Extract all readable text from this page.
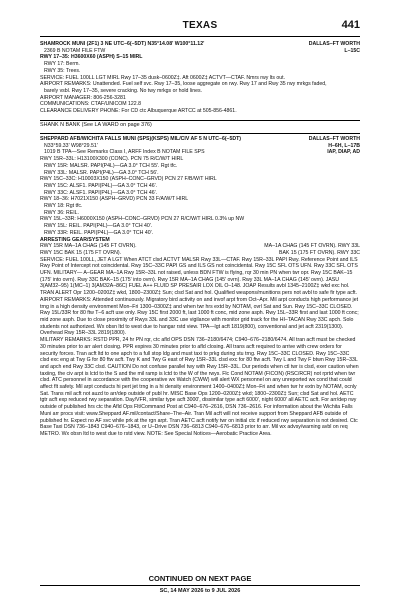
TEXAS	441
DALLAS–FT WORTH
L–15C

SHAMROCK MUNI (2F1) 3 NE UTC–6(–5DT) N35°14.08' W100°11.12'

2369 B NOTAM FILE FTW

RWY 17–35: H3600X60 (ASPH) S–15 MIRL

RWY 17: Berm.

RWY 35: Trees.

SERVICE: FUEL 100LL LGT MIRL Rwy 17–35 dusk–0600Z‡. Aft 0600Z‡ ACTVT—CTAF. Nmrs rwy lts out.

AIRPORT REMARKS: Unattended. Fuel self svc. Rwy 17–35, loose aggregate on rwy. Rwy 17 and Rwy 35 rwy mrkgs faded,

barely vsbl. Rwy 17–35, severe cracking. No twy mrkgs or hold lines.

AIRPORT MANAGER: 806-256-3281

COMMUNICATIONS: CTAF/UNICOM 122.8

CLEARANCE DELIVERY PHONE: For CD ctc Albuquerque ARTCC at 505-856-4861.

SHANK N BANK (See LA WARD on page 376)
DALLAS–FT WORTH
H–6H, L–17B
IAP, DIAP, AD

SHEPPARD AFB/WICHITA FALLS MUNI (SPS)(KSPS) MIL/CIV AF 5 N UTC–6(–5DT)

N33°59.33' W98°29.51'

1019 B TPA—See Remarks Class I, ARFF Index B NOTAM FILE SPS

RWY 15R–33L: H13100X300 (CONC). PCN 75 R/C/W/T HIRL

RWY 15R: MALSR. PAPI(P4L)—GA 3.0° TCH 55'. Rgt tfc.

RWY 33L: MALSR. PAPI(P4L)—GA 3.0° TCH 56'.

RWY 15C–33C: H10003X150 (ASPH–CONC–GRVD) PCN 27 F/B/W/T HIRL

RWY 15C: ALSF1. PAPI(P4L)—GA 3.0° TCH 46'.

RWY 33C: ALSF1. PAPI(P4L)—GA 3.0° TCH 46'.

RWY 18–36: H7021X150 (ASPH–GRVD) PCN 33 F/A/W/T HIRL

RWY 18: Rgt tfc.

RWY 36: REIL.

RWY 15L–33R: H6000X150 (ASPH–CONC–GRVD) PCN 27 R/C/W/T HIRL 0.3% up NW

RWY 15L: REIL. PAPI(P4L)—GA 3.0° TCH 40'.

RWY 33R: REIL. PAPI(P4L)—GA 3.0° TCH 40'.

ARRESTING GEAR/SYSTEM

RWY 15R MA–1A CHAG (145 FT OVRN).	MA–1A CHAG (145 FT OVRN). RWY 33L
RWY 15C BAK 15 (175 FT OVRN).	BAK 15 (175 FT OVRN). RWY 33C

SERVICE: FUEL 100LL, JET A LGT When ATCT clsd ACTVT MALSR Rwy 33L—CTAF. Rwy 15R–33L PAPI Rwy. Reference Point and ILS Rwy Point of Intercept not coincidental. Rwy 15C–33C PAPI GS and ILS GS not coincidental. Rwy 15C SFL OTS UFN. Rwy 33C SFL OTS UFN. MILITARY— A–GEAR MA–1A Rwy 15R–33L not raised, unless BDN FTW is flying, rqr 30 min PN when twr opr. Rwy 15C BAK–15 (175' into ovrn). Rwy 33C BAK–15 (175' into ovrn). Rwy 15R MA–1A CHAG (145' ovrn). Rwy 33L MA–1A CHAG (145' ovrn). JASU 3(AM32–95) 1(MC–1) 3(AM32A–86C) FUEL A++ FLUID SP PRESAIR LOX OIL O–148. JOAP Results avbl 1345–2100Z‡ wkd exc hol. TRAN ALERT Opr 1200–0200Z‡ wkd, 1800–2300Z‡ Sun; clsd Sat and hol. Qualified weapons/munitions pers not avbl to safe fir type acft.

AIRPORT REMARKS: Attended continuously. Migratory bird activity on and invof arpt from Oct–Apr. Mil arpt conducts high performance jet trng in a high density environment Mon–Fri 1300–0300Z‡ and when twr hrs extd by NOTAM, ovrl Sat and Sun. Rwy 15C–33C CLOSED. Rwy 15L/33R for 80 ftw T–6 acft use only. Rwy 15C first 2000 ft, last 1000 ft conc, mid zone asph. Rwy 15L–33R first and last 1000 ft conc; mid zone asph. Due to close proximity of Rwys 33L and 33C use vigilance with monitor grid track for the HI–TACAN Rwy 33C apch. Solo students not authorized. Wx obsn ltd to west due to hangar rstd view. TPA—lgt acft 1819(800), conventional and jet acft 2319(1300). Overhead Rwy 15R–33L 2819(1800).

MILITARY REMARKS: RSTD PPR, 24 hr PN rqr, ctc afld OPS DSN 736–2180/6474; C940–676–2180/6474. All tran acft must be checked 30 minutes prior to arr alert closing. PPR expires 30 minutes prior to afld closing. All trans acft required to arrive with crew orders for security forces. Tran acft ltd to one apch to a full stop ldg and must taxi to prkg during stu trng. Rwy 15C–33C CLOSED. Rwy 15C–33C clsd exc eng at Twy G for 80 ftw acft. Twy K and Twy G east of Rwy 15R–33L clsd exc for 80 ftw acft. Twy L and Twy F btwn Rwy 15R–33L and apch end Rwy 33C clsd. CAUTION Do not confuse parallel twy with Rwy 15R–33L. Dur periods when ctl twr is clsd, exer caution when taxiing, the civ arpt is lctd to the S and the mil ramp is lctd to the W of the rwys. Flc Cond NOTAM (FICON) (RSC/RCR) not rprtd when twr clsd. ATC personnel in accordance with the cooperative wx Watch (CWW) will alert WX personnel on any unreported wx cond that could affect flt safety. Mil arpt conducts hi pert jet trng in a hi density environment 1400–0400Z‡ Mon–Fri and when twr hr extn by NOTAM, ocnly Sat. Trans mil acft not auzd to arr/dep outside of publ hr. MISC Base Ops 1200–0200Z‡ wkd; 1800–2300Z‡ Sun; clsd Sat and hol. AETC tgtr acft exp reduced rwy separation. Day/VFR, similar type acft 3000', dissimilar type acft 6000', night 6000' all AETC acft. For arr/dep rwy outside of published hrs ctc the Afld Ops Flt/Command Post at C940–676–2616, DSN 736–2616. For information about the Wichita Falls Muni arr procs visit: www.Sheppard AF.mil/contact/Share–The–Air. Tran Mil acft will not receive support from Sheppard AFB outside of published hr. Expect no AF svc while prk at the rgn arpt. Tran AETC acft notify twr on initial ctc if reduced rwy separation is not desired. Ctc Base Taxi DSN 736–1843 C940–676–1843, or U–Drive DSN 736–6813 C940–676–6813 prior to arr. Mil wx advsy/warning avbl on req METRO. Wx obsn ltd to west due to rstd view. NOTE: See Special Notices—Aerobatic Practice Area.

CONTINUED ON NEXT PAGE
SC, 14 MAY 2026 to 9 JUL 2026
